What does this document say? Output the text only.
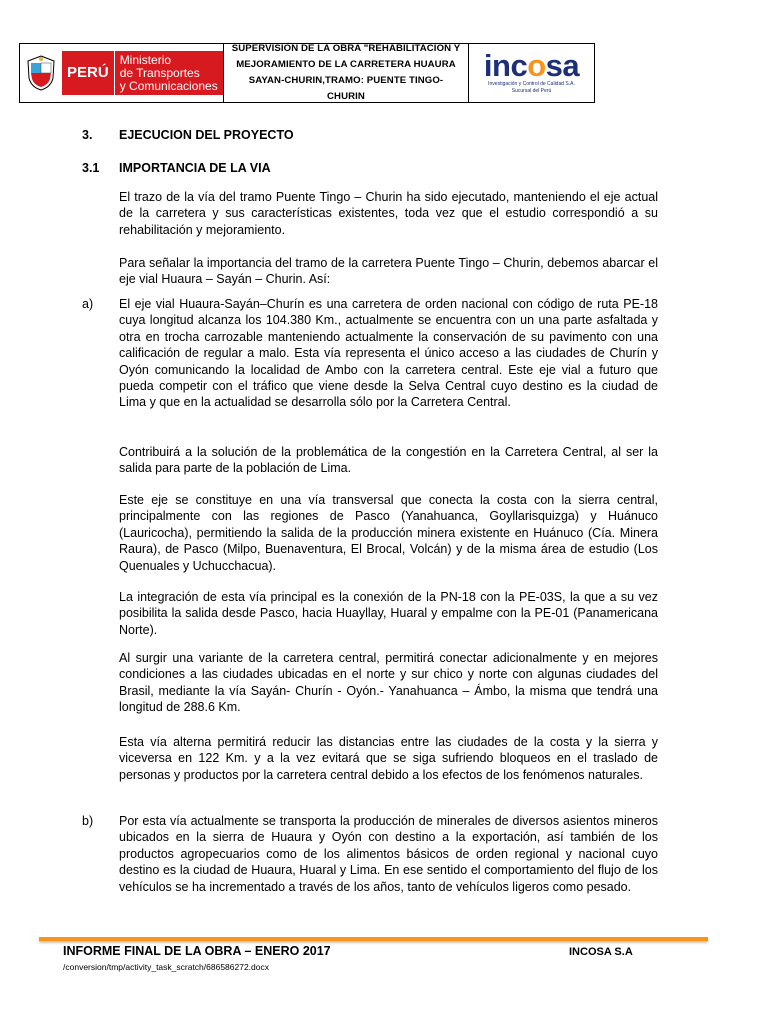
PERÚ
Ministerio
de Transportes
y Comunicaciones
SUPERVISIÓN DE LA OBRA "REHABILITACION Y
MEJORAMIENTO DE LA CARRETERA HUAURA
SAYAN-CHURIN,TRAMO: PUENTE TINGO-
CHURIN
inc o sa
Investigación y Control de Calidad S.A.
Sucursal del Perú
3. EJECUCION DEL PROYECTO
3.1 IMPORTANCIA DE LA VIA
El trazo de la vía del tramo Puente Tingo – Churin ha sido ejecutado, manteniendo el eje actual de la carretera y sus características existentes, toda vez que el estudio correspondió a su rehabilitación y mejoramiento.
Para señalar la importancia del tramo de la carretera Puente Tingo – Churin, debemos abarcar el eje vial Huaura – Sayán – Churin. Así:
a) El eje vial Huaura-Sayán–Churín es una carretera de orden nacional con código de ruta PE-18 cuya longitud alcanza los 104.380 Km., actualmente se encuentra con un una parte asfaltada y otra en trocha carrozable manteniendo actualmente la conservación de su pavimento con una calificación de regular a malo. Esta vía representa el único acceso a las ciudades de Churín y Oyón comunicando la localidad de Ambo con la carretera central. Este eje vial a futuro que pueda competir con el tráfico que viene desde la Selva Central cuyo destino es la ciudad de Lima y que en la actualidad se desarrolla sólo por la Carretera Central.
Contribuirá a la solución de la problemática de la congestión en la Carretera Central, al ser la salida para parte de la población de Lima.
Este eje se constituye en una vía transversal que conecta la costa con la sierra central, principalmente con las regiones de Pasco (Yanahuanca, Goyllarisquizga) y Huánuco (Lauricocha), permitiendo la salida de la producción minera existente en Huánuco (Cía. Minera Raura), de Pasco (Milpo, Buenaventura, El Brocal, Volcán) y de la misma área de estudio (Los Quenuales y Uchucchacua).
La integración de esta vía principal es la conexión de la PN-18 con la PE-03S, la que a su vez posibilita la salida desde Pasco, hacia Huayllay, Huaral y empalme con la PE-01 (Panamericana Norte).
Al surgir una variante de la carretera central, permitirá conectar adicionalmente y en mejores condiciones a las ciudades ubicadas en el norte y sur chico y norte con algunas ciudades del Brasil, mediante la vía Sayán- Churín - Oyón.- Yanahuanca – Ámbo, la misma que tendrá una longitud de 288.6 Km.
Esta vía alterna permitirá reducir las distancias entre las ciudades de la costa y la sierra y viceversa en 122 Km. y a la vez evitará que se siga sufriendo bloqueos en el traslado de personas y productos por la carretera central debido a los efectos de los fenómenos naturales.
b) Por esta vía actualmente se transporta la producción de minerales de diversos asientos mineros ubicados en la sierra de Huaura y Oyón con destino a la exportación, así también de los productos agropecuarios como de los alimentos básicos de orden regional y nacional cuyo destino es la ciudad de Huaura, Huaral y Lima. En ese sentido el comportamiento del flujo de los vehículos se ha incrementado a través de los años, tanto de vehículos ligeros como pesado.
INFORME FINAL DE LA OBRA – ENERO 2017	INCOSA S.A
/conversion/tmp/activity_task_scratch/686586272.docx
